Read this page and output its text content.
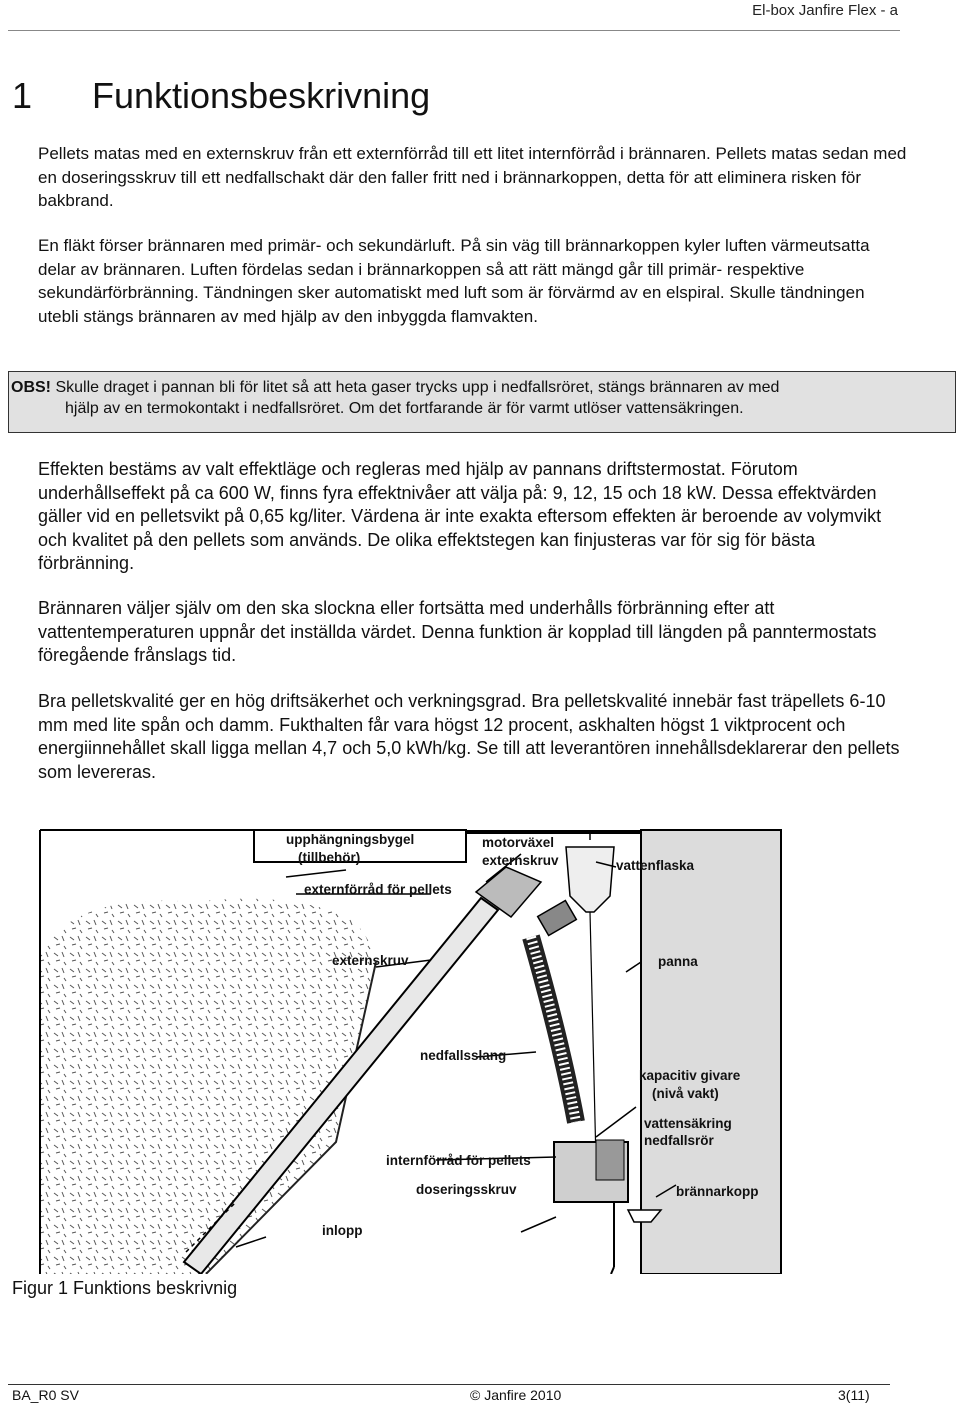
El-box Janfire Flex - a
1 Funktionsbeskrivning

Pellets matas med en externskruv från ett externförråd till ett litet internförråd i brännaren. Pellets matas sedan med en doseringsskruv till ett nedfallschakt där den faller fritt ned i brännarkoppen, detta för att eliminera risken för bakbrand.

En fläkt förser brännaren med primär- och sekundärluft. På sin väg till brännarkoppen kyler luften värmeutsatta delar av brännaren. Luften fördelas sedan i brännarkoppen så att rätt mängd går till primär- respektive sekundärförbränning. Tändningen sker automatiskt med luft som är förvärmd av en elspiral. Skulle tändningen utebli stängs brännaren av med hjälp av den inbyggda flamvakten.

OBS! Skulle draget i pannan bli för litet så att heta gaser trycks upp i nedfallsröret, stängs brännaren av med
hjälp av en termokontakt i nedfallsröret. Om det fortfarande är för varmt utlöser vattensäkringen.

Effekten bestäms av valt effektläge och regleras med hjälp av pannans driftstermostat. Förutom underhållseffekt på ca 600 W, finns fyra effektnivåer att välja på: 9, 12, 15 och 18 kW. Dessa effektvärden gäller vid en pelletsvikt på 0,65 kg/liter. Värdena är inte exakta eftersom effekten är beroende av volymvikt och kvalitet på den pellets som används. De olika effektstegen kan finjusteras var för sig för bästa förbränning.

Brännaren väljer själv om den ska slockna eller fortsätta med underhålls förbränning efter att vattentemperaturen uppnår det inställda värdet. Denna funktion är kopplad till längden på panntermostats föregående frånslags tid.

Bra pelletskvalité ger en hög driftsäkerhet och verkningsgrad. Bra pelletskvalité innebär fast träpellets 6-10 mm med lite spån och damm. Fukthalten får vara högst 12 procent, askhalten högst 1 viktprocent och energiinnehållet skall ligga mellan 4,7 och 5,0 kWh/kg. Se till att leverantören innehållsdeklarerar den pellets som levereras.

upphängningsbygel
(tillbehör)
externförråd för pellets
externskruv
motorväxel
externskruv	vattenflaska
panna
nedfallsslang
kapacitiv givare
(nivå vakt)
vattensäkring
nedfallsrör
internförråd för pellets
doseringsskruv	brännarkopp
inlopp
Figur 1 Funktions beskrivnig
BA_R0 SV	© Janfire 2010	3(11)
